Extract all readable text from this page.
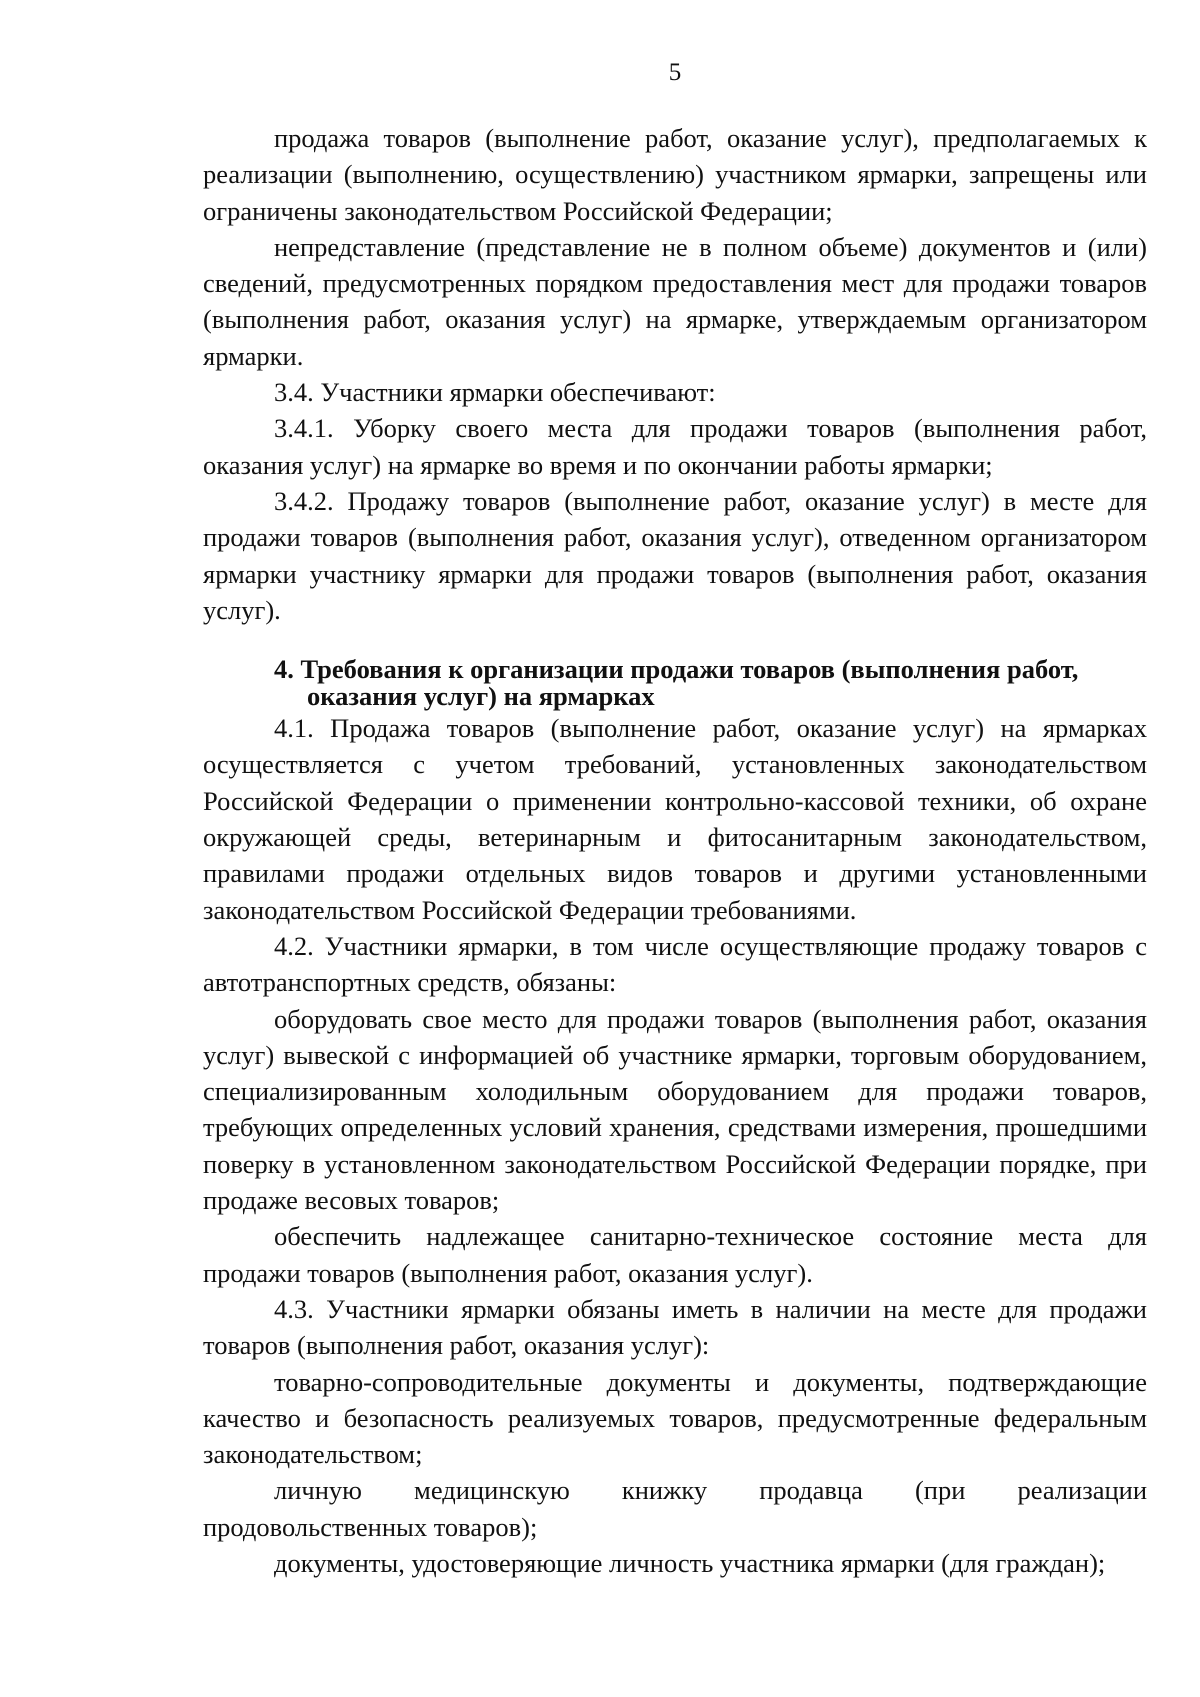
5

продажа товаров (выполнение работ, оказание услуг), предполагаемых к реализации (выполнению, осуществлению) участником ярмарки, запрещены или ограничены законодательством Российской Федерации;

непредставление (представление не в полном объеме) документов и (или) сведений, предусмотренных порядком предоставления мест для продажи товаров (выполнения работ, оказания услуг) на ярмарке, утверждаемым организатором ярмарки.

3.4. Участники ярмарки обеспечивают:

3.4.1. Уборку своего места для продажи товаров (выполнения работ, оказания услуг) на ярмарке во время и по окончании работы ярмарки;

3.4.2. Продажу товаров (выполнение работ, оказание услуг) в месте для продажи товаров (выполнения работ, оказания услуг), отведенном организатором ярмарки участнику ярмарки для продажи товаров (выполнения работ, оказания услуг).

4. Требования к организации продажи товаров (выполнения работ,
оказания услуг) на ярмарках

4.1. Продажа товаров (выполнение работ, оказание услуг) на ярмарках осуществляется с учетом требований, установленных законодательством Российской Федерации о применении контрольно-кассовой техники, об охране окружающей среды, ветеринарным и фитосанитарным законодательством, правилами продажи отдельных видов товаров и другими установленными законодательством Российской Федерации требованиями.

4.2. Участники ярмарки, в том числе осуществляющие продажу товаров с автотранспортных средств, обязаны:

оборудовать свое место для продажи товаров (выполнения работ, оказания услуг) вывеской с информацией об участнике ярмарки, торговым оборудованием, специализированным холодильным оборудованием для продажи товаров, требующих определенных условий хранения, средствами измерения, прошедшими поверку в установленном законодательством Российской Федерации порядке, при продаже весовых товаров;

обеспечить надлежащее санитарно-техническое состояние места для продажи товаров (выполнения работ, оказания услуг).

4.3. Участники ярмарки обязаны иметь в наличии на месте для продажи товаров (выполнения работ, оказания услуг):

товарно-сопроводительные документы и документы, подтверждающие качество и безопасность реализуемых товаров, предусмотренные федеральным законодательством;

личную медицинскую книжку продавца (при реализации продовольственных товаров);

документы, удостоверяющие личность участника ярмарки (для граждан);
